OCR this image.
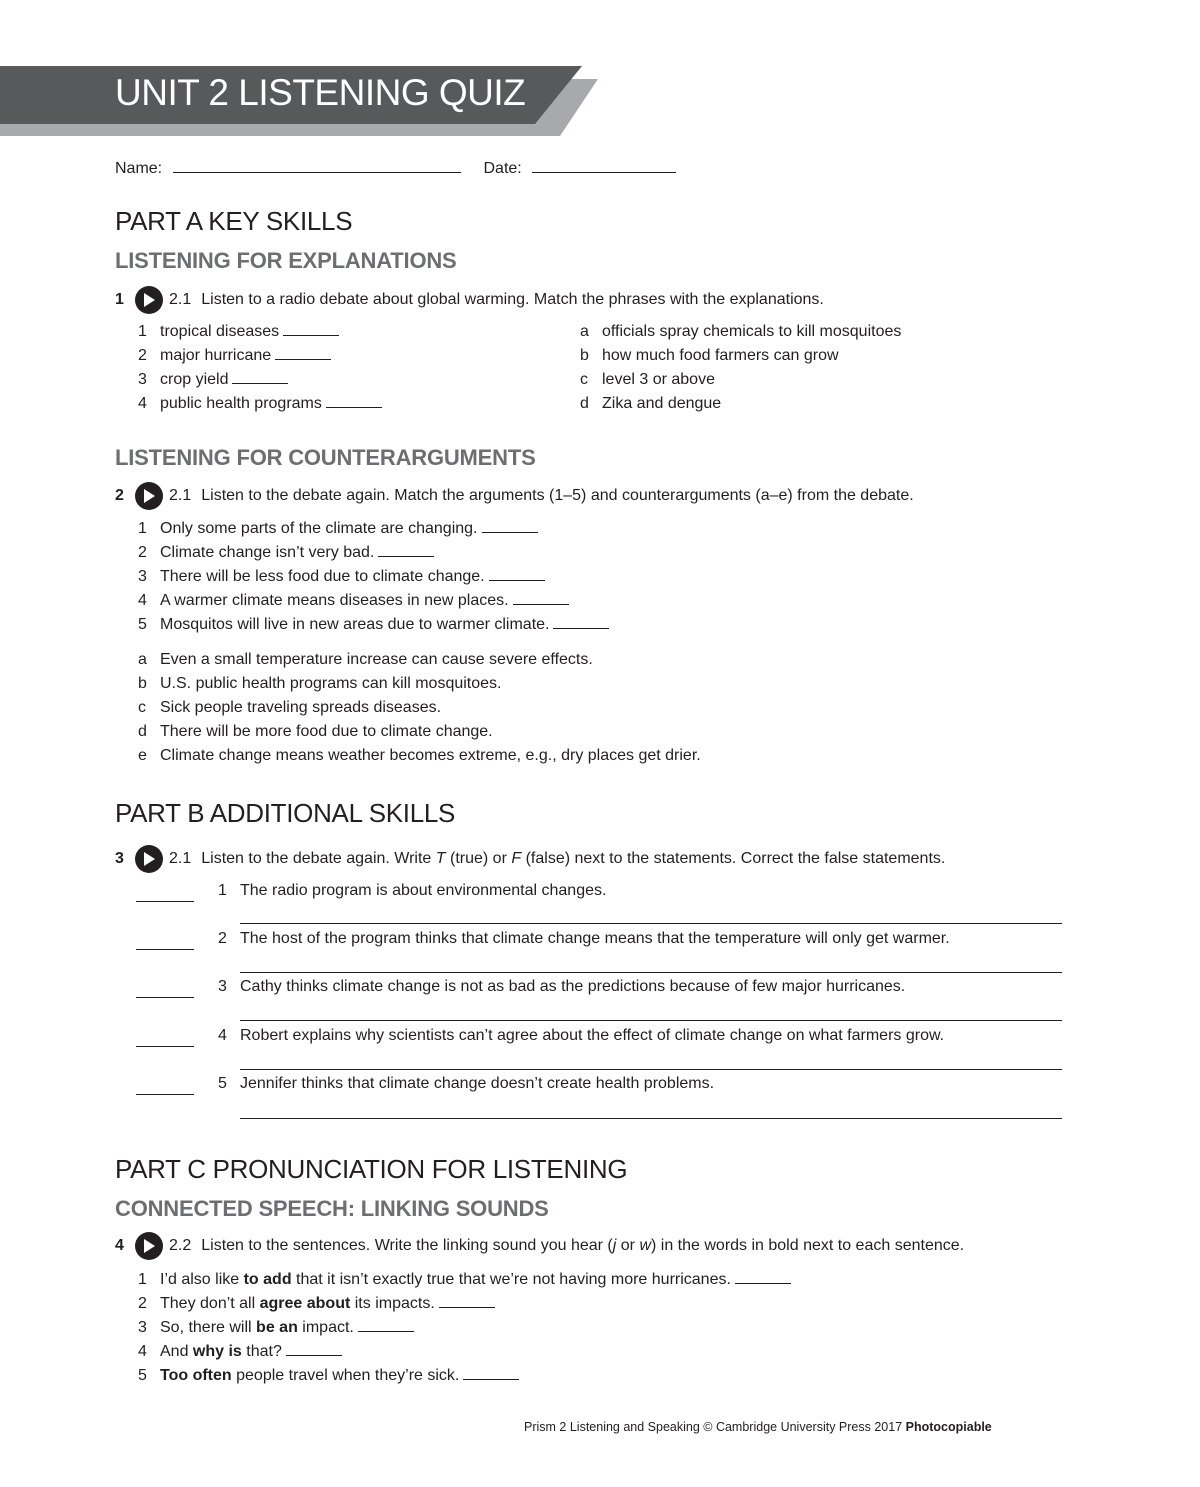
UNIT 2 LISTENING QUIZ
Name:	Date:
PART A KEY SKILLS
LISTENING FOR EXPLANATIONS
1	2.1 Listen to a radio debate about global warming. Match the phrases with the explanations.
1 tropical diseases
2 major hurricane
3 crop yield
4 public health programs
a officials spray chemicals to kill mosquitoes
b how much food farmers can grow
c level 3 or above
d Zika and dengue
LISTENING FOR COUNTERARGUMENTS
2	2.1 Listen to the debate again. Match the arguments (1–5) and counterarguments (a–e) from the debate.
1 Only some parts of the climate are changing.
2 Climate change isn’t very bad.
3 There will be less food due to climate change.
4 A warmer climate means diseases in new places.
5 Mosquitos will live in new areas due to warmer climate.
a Even a small temperature increase can cause severe effects.
b U.S. public health programs can kill mosquitoes.
c Sick people traveling spreads diseases.
d There will be more food due to climate change.
e Climate change means weather becomes extreme, e.g., dry places get drier.
PART B ADDITIONAL SKILLS
3	2.1 Listen to the debate again. Write T (true) or F (false) next to the statements. Correct the false statements.
1 The radio program is about environmental changes.
2 The host of the program thinks that climate change means that the temperature will only get warmer.
3 Cathy thinks climate change is not as bad as the predictions because of few major hurricanes.
4 Robert explains why scientists can’t agree about the effect of climate change on what farmers grow.
5 Jennifer thinks that climate change doesn’t create health problems.
PART C PRONUNCIATION FOR LISTENING
CONNECTED SPEECH: LINKING SOUNDS
4	2.2 Listen to the sentences. Write the linking sound you hear (j or w) in the words in bold next to each sentence.
1 I’d also like to add that it isn’t exactly true that we’re not having more hurricanes.
2 They don’t all agree about its impacts.
3 So, there will be an impact.
4 And why is that?
5 Too often people travel when they’re sick.
Prism 2 Listening and Speaking © Cambridge University Press 2017 Photocopiable
